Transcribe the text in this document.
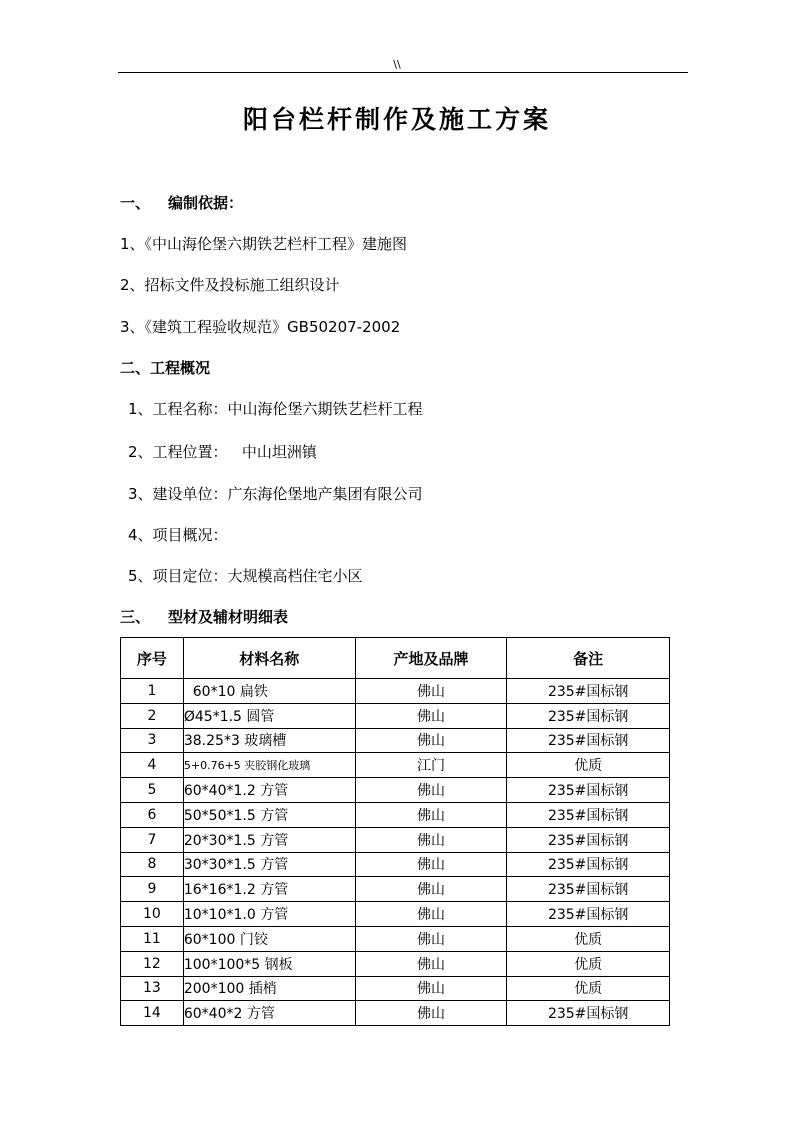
\\
阳台栏杆制作及施工方案
一、 编制依据：
1、《中山海伦堡六期铁艺栏杆工程》建施图
2、招标文件及投标施工组织设计
3、《建筑工程验收规范》GB50207-2002
二、工程概况
1、工程名称：中山海伦堡六期铁艺栏杆工程
2、工程位置：   中山坦洲镇
3、建设单位：广东海伦堡地产集团有限公司
4、项目概况：
5、项目定位：大规模高档住宅小区
三、 型材及辅材明细表
序号	材料名称	产地及品牌	备注
1	60*10 扁铁	佛山	235#国标钢
2	Ø45*1.5 圆管	佛山	235#国标钢
3	38.25*3 玻璃槽	佛山	235#国标钢
4	5+0.76+5 夹胶钢化玻璃	江门	优质
5	60*40*1.2 方管	佛山	235#国标钢
6	50*50*1.5 方管	佛山	235#国标钢
7	20*30*1.5 方管	佛山	235#国标钢
8	30*30*1.5 方管	佛山	235#国标钢
9	16*16*1.2 方管	佛山	235#国标钢
10	10*10*1.0 方管	佛山	235#国标钢
11	60*100 门铰	佛山	优质
12	100*100*5 钢板	佛山	优质
13	200*100 插梢	佛山	优质
14	60*40*2 方管	佛山	235#国标钢
